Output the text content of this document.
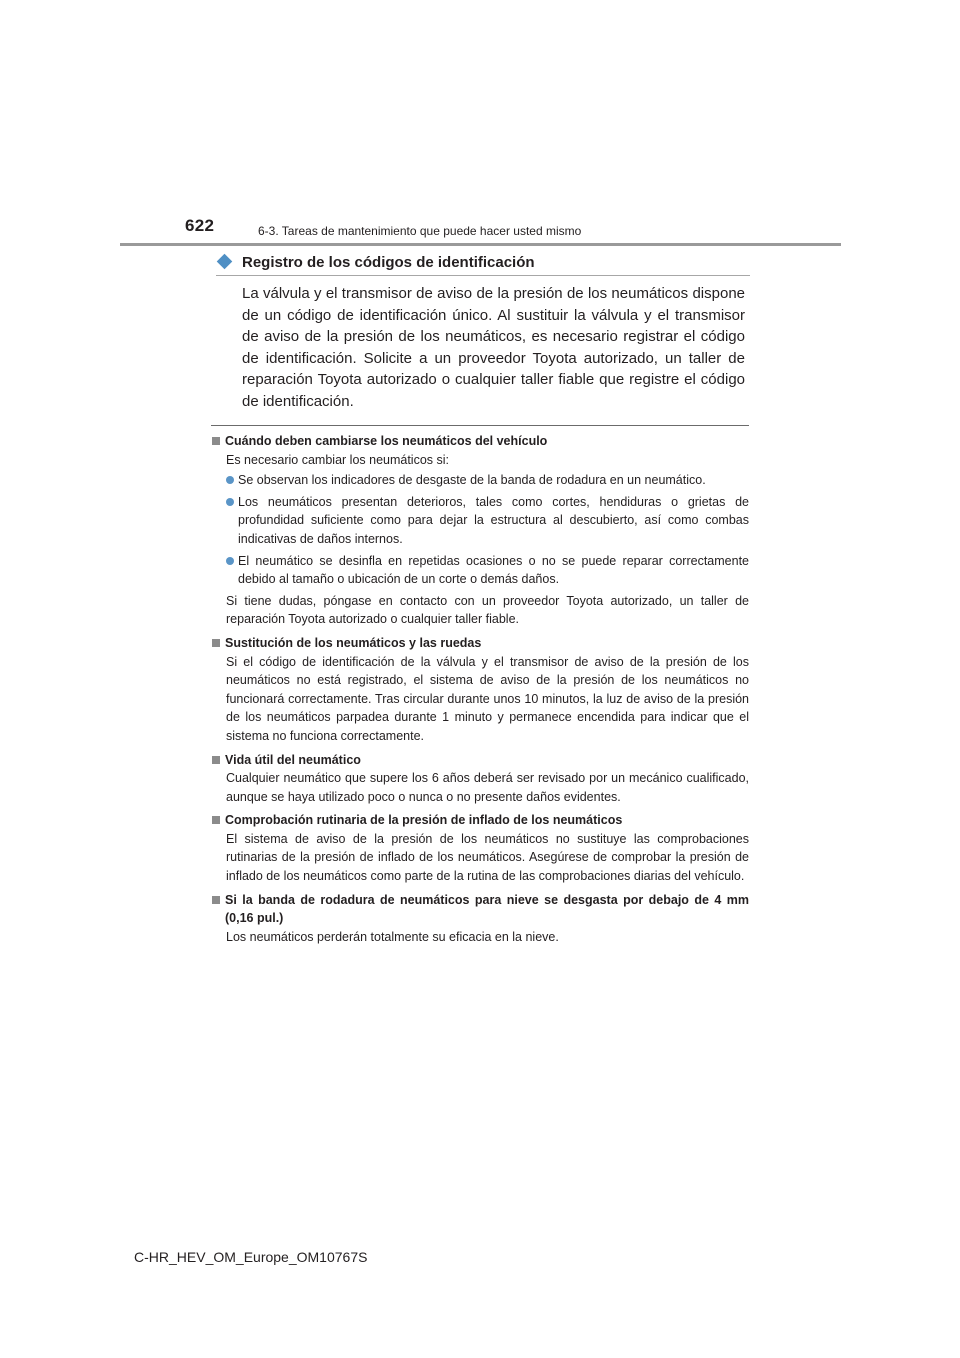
622	6-3. Tareas de mantenimiento que puede hacer usted mismo
Registro de los códigos de identificación
La válvula y el transmisor de aviso de la presión de los neumáticos dispone de un código de identificación único. Al sustituir la válvula y el transmisor de aviso de la presión de los neumáticos, es necesario registrar el código de identificación. Solicite a un proveedor Toyota autorizado, un taller de reparación Toyota autorizado o cualquier taller fiable que registre el código de identificación.
Cuándo deben cambiarse los neumáticos del vehículo
Es necesario cambiar los neumáticos si:
Se observan los indicadores de desgaste de la banda de rodadura en un neumático.
Los neumáticos presentan deterioros, tales como cortes, hendiduras o grietas de profundidad suficiente como para dejar la estructura al descubierto, así como combas indicativas de daños internos.
El neumático se desinfla en repetidas ocasiones o no se puede reparar correctamente debido al tamaño o ubicación de un corte o demás daños.
Si tiene dudas, póngase en contacto con un proveedor Toyota autorizado, un taller de reparación Toyota autorizado o cualquier taller fiable.
Sustitución de los neumáticos y las ruedas
Si el código de identificación de la válvula y el transmisor de aviso de la presión de los neumáticos no está registrado, el sistema de aviso de la presión de los neumáticos no funcionará correctamente. Tras circular durante unos 10 minutos, la luz de aviso de la presión de los neumáticos parpadea durante 1 minuto y permanece encendida para indicar que el sistema no funciona correctamente.
Vida útil del neumático
Cualquier neumático que supere los 6 años deberá ser revisado por un mecánico cualificado, aunque se haya utilizado poco o nunca o no presente daños evidentes.
Comprobación rutinaria de la presión de inflado de los neumáticos
El sistema de aviso de la presión de los neumáticos no sustituye las comprobaciones rutinarias de la presión de inflado de los neumáticos. Asegúrese de comprobar la presión de inflado de los neumáticos como parte de la rutina de las comprobaciones diarias del vehículo.
Si la banda de rodadura de neumáticos para nieve se desgasta por debajo de 4 mm (0,16 pul.)
Los neumáticos perderán totalmente su eficacia en la nieve.
C-HR_HEV_OM_Europe_OM10767S
